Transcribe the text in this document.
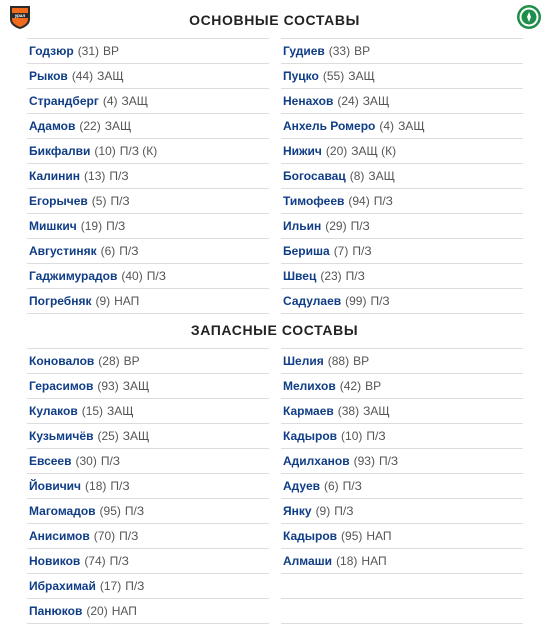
урал	ОСНОВНЫЕ СОСТАВЫ
Годзюр (31) ВР
Рыков (44) ЗАЩ
Страндберг (4) ЗАЩ
Адамов (22) ЗАЩ
Бикфалви (10) П/З (К)
Калинин (13) П/З
Егорычев (5) П/З
Мишкич (19) П/З
Августиняк (6) П/З
Гаджимурадов (40) П/З
Погребняк (9) НАП
Гудиев (33) ВР
Пуцко (55) ЗАЩ
Ненахов (24) ЗАЩ
Анхель Ромеро (4) ЗАЩ
Нижич (20) ЗАЩ (К)
Богосавац (8) ЗАЩ
Тимофеев (94) П/З
Ильин (29) П/З
Бериша (7) П/З
Швец (23) П/З
Садулаев (99) П/З
ЗАПАСНЫЕ СОСТАВЫ
Коновалов (28) ВР
Герасимов (93) ЗАЩ
Кулаков (15) ЗАЩ
Кузьмичёв (25) ЗАЩ
Евсеев (30) П/З
Йовичич (18) П/З
Магомадов (95) П/З
Анисимов (70) П/З
Новиков (74) П/З
Ибрахимай (17) П/З
Панюков (20) НАП
Шелия (88) ВР
Мелихов (42) ВР
Кармаев (38) ЗАЩ
Кадыров (10) П/З
Адилханов (93) П/З
Адуев (6) П/З
Янку (9) П/З
Кадыров (95) НАП
Алмаши (18) НАП
